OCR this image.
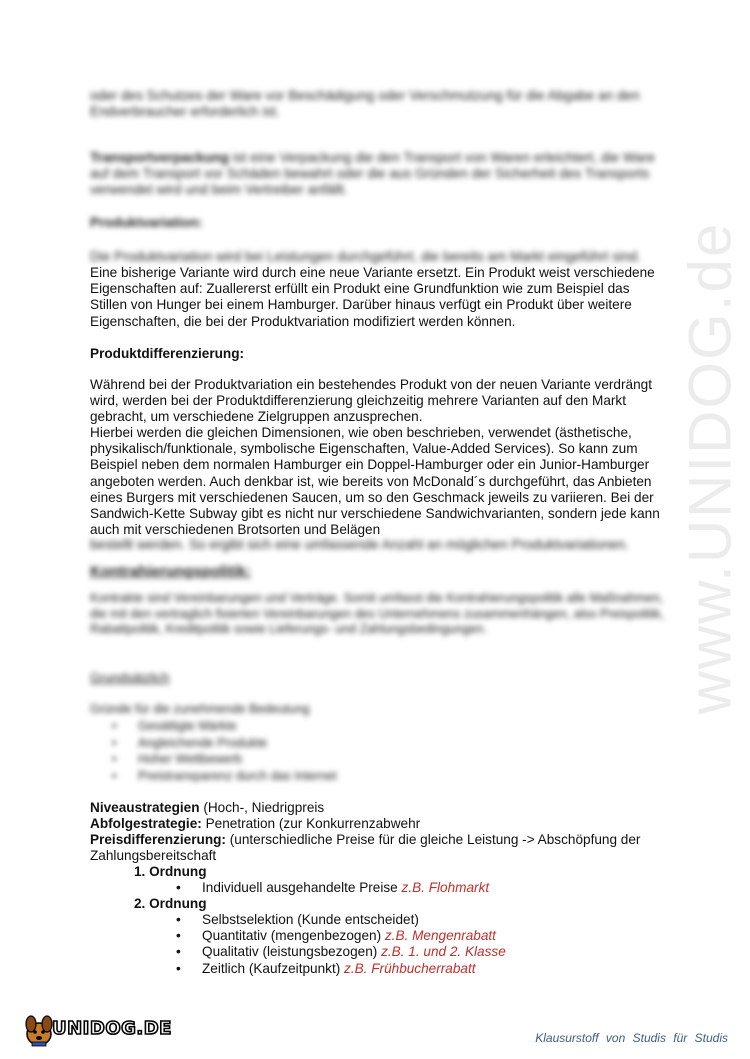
www.UNIDOG.de
oder des Schutzes der Ware vor Beschädigung oder Verschmutzung für die Abgabe an den Endverbraucher erforderlich ist.
Transportverpackung ist eine Verpackung die den Transport von Waren erleichtert, die Ware auf dem Transport vor Schäden bewahrt oder die aus Gründen der Sicherheit des Transports verwendet wird und beim Vertreiber anfällt.
Produktvariation:
Die Produktvariation wird bei Leistungen durchgeführt, die bereits am Markt eingeführt sind.
Eine bisherige Variante wird durch eine neue Variante ersetzt. Ein Produkt weist verschiedene Eigenschaften auf: Zuallererst erfüllt ein Produkt eine Grundfunktion wie zum Beispiel das Stillen von Hunger bei einem Hamburger. Darüber hinaus verfügt ein Produkt über weitere Eigenschaften, die bei der Produktvariation modifiziert werden können.
Produktdifferenzierung:
Während bei der Produktvariation ein bestehendes Produkt von der neuen Variante verdrängt wird, werden bei der Produktdifferenzierung gleichzeitig mehrere Varianten auf den Markt gebracht, um verschiedene Zielgruppen anzusprechen.
Hierbei werden die gleichen Dimensionen, wie oben beschrieben, verwendet (ästhetische, physikalisch/funktionale, symbolische Eigenschaften, Value-Added Services). So kann zum Beispiel neben dem normalen Hamburger ein Doppel-Hamburger oder ein Junior-Hamburger angeboten werden. Auch denkbar ist, wie bereits von McDonald´s durchgeführt, das Anbieten eines Burgers mit verschiedenen Saucen, um so den Geschmack jeweils zu variieren. Bei der Sandwich-Kette Subway gibt es nicht nur verschiedene Sandwichvarianten, sondern jede kann auch mit verschiedenen Brotsorten und Belägen
bestellt werden. So ergibt sich eine umfassende Anzahl an möglichen Produktvariationen.
Kontrahierungspolitik:
Kontrakte sind Vereinbarungen und Verträge. Somit umfasst die Kontrahierungspolitik alle Maßnahmen, die mit den vertraglich fixierten Vereinbarungen des Unternehmens zusammenhängen, also Preispolitik, Rabattpolitik, Kreditpolitik sowie Lieferungs- und Zahlungsbedingungen.
Grundsätzlich
Gründe für die zunehmende Bedeutung
• Gesättigte Märkte
• Angleichende Produkte
• Hoher Wettbewerb
• Preistransparenz durch das Internet
Niveaustrategien (Hoch-, Niedrigpreis
Abfolgestrategie: Penetration (zur Konkurrenzabwehr
Preisdifferenzierung: (unterschiedliche Preise für die gleiche Leistung -> Abschöpfung der Zahlungsbereitschaft
1. Ordnung
• Individuell ausgehandelte Preise z.B. Flohmarkt
2. Ordnung
• Selbstselektion (Kunde entscheidet)
• Quantitativ (mengenbezogen) z.B. Mengenrabatt
• Qualitativ (leistungsbezogen) z.B. 1. und 2. Klasse
• Zeitlich (Kaufzeitpunkt) z.B. Frühbucherrabatt
UNIDOG.DE	Klausurstoff von Studis für Studis
